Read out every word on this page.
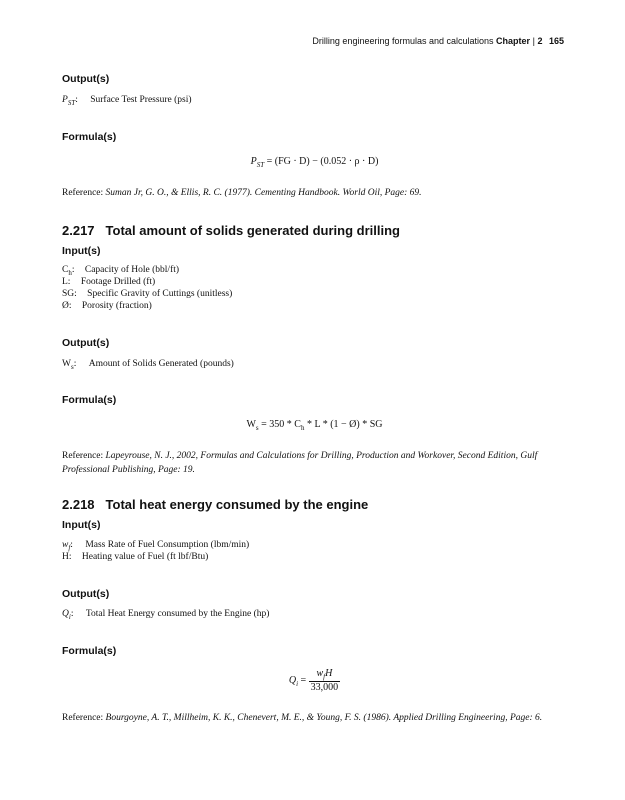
Drilling engineering formulas and calculations Chapter | 2 165
Output(s)
$P_{ST}$: Surface Test Pressure (psi)
Formula(s)
$P_{ST} = (FG \cdot D) - (0.052 \cdot \rho \cdot D)$
Reference: Suman Jr, G. O., & Ellis, R. C. (1977). Cementing Handbook. World Oil, Page: 69.
2.217 Total amount of solids generated during drilling
Input(s)
$C_h$: Capacity of Hole (bbl/ft)
L: Footage Drilled (ft)
SG: Specific Gravity of Cuttings (unitless)
Ø: Porosity (fraction)
Output(s)
$W_s$: Amount of Solids Generated (pounds)
Formula(s)
$W_s = 350 * C_h * L * (1$ − Ø) * SG
Reference: Lapeyrouse, N. J., 2002, Formulas and Calculations for Drilling, Production and Workover, Second Edition, Gulf Professional Publishing, Page: 19.
2.218 Total heat energy consumed by the engine
Input(s)
$w_f$: Mass Rate of Fuel Consumption (lbm/min)
H: Heating value of Fuel (ft lbf/Btu)
Output(s)
$Q_i$: Total Heat Energy consumed by the Engine (hp)
Formula(s)
$Q_i = \frac{w_fH}{33,000}$
Reference: Bourgoyne, A. T., Millheim, K. K., Chenevert, M. E., & Young, F. S. (1986). Applied Drilling Engineering, Page: 6.
